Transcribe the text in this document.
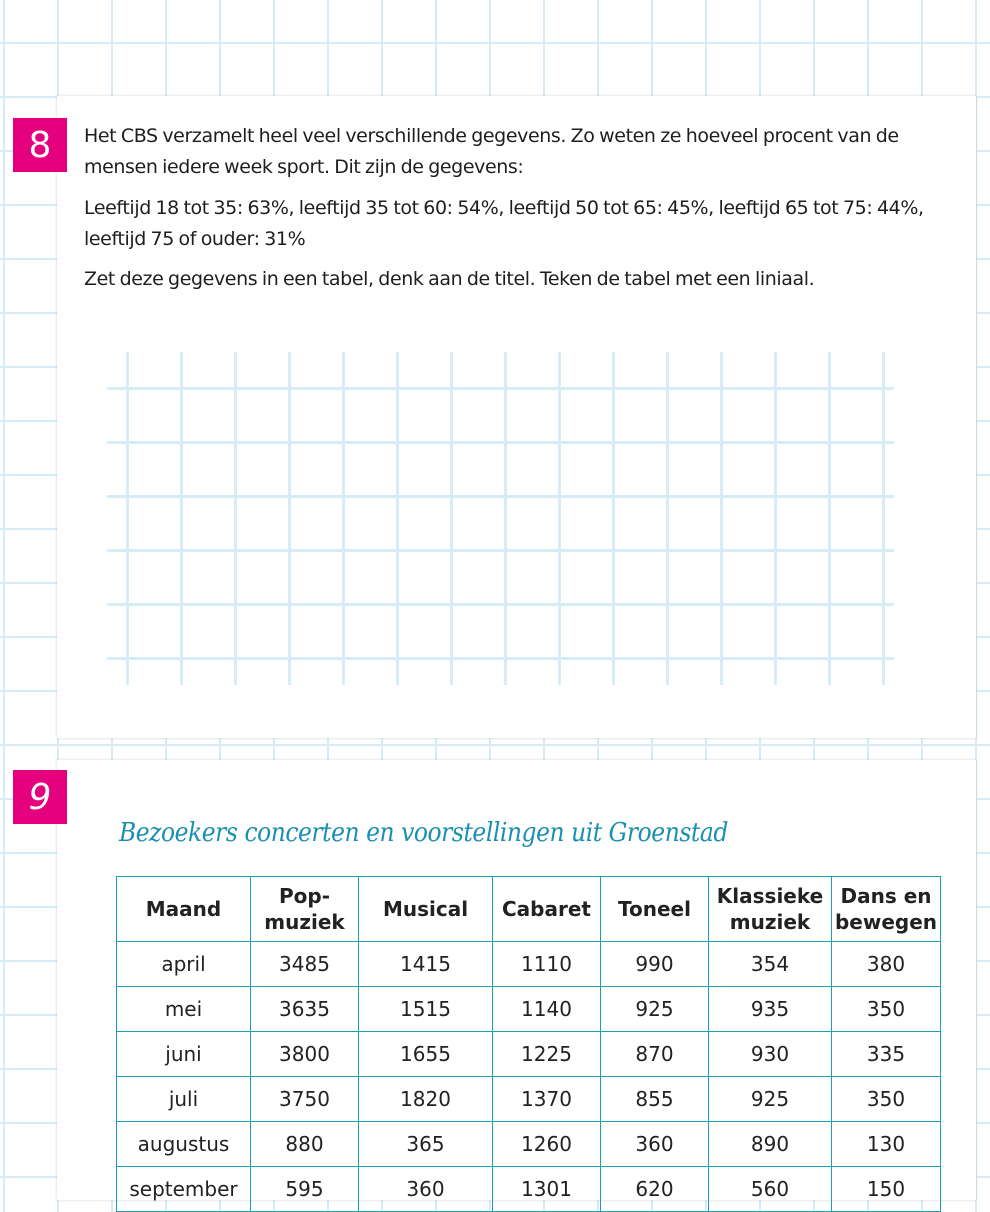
8	Het CBS verzamelt heel veel verschillende gegevens. Zo weten ze hoeveel procent van de mensen iedere week sport. Dit zijn de gegevens:

Leeftijd 18 tot 35: 63%, leeftijd 35 tot 60: 54%, leeftijd 50 tot 65: 45%, leeftijd 65 tot 75: 44%, leeftijd 75 of ouder: 31%

Zet deze gegevens in een tabel, denk aan de titel. Teken de tabel met een liniaal.

9
Bezoekers concerten en voorstellingen uit Groenstad
Maand	Pop-muziek	Musical	Cabaret	Toneel	Klassieke muziek	Dans en bewegen
april	3485	1415	1110	990	354	380
mei	3635	1515	1140	925	935	350
juni	3800	1655	1225	870	930	335
juli	3750	1820	1370	855	925	350
augustus	880	365	1260	360	890	130
september	595	360	1301	620	560	150
